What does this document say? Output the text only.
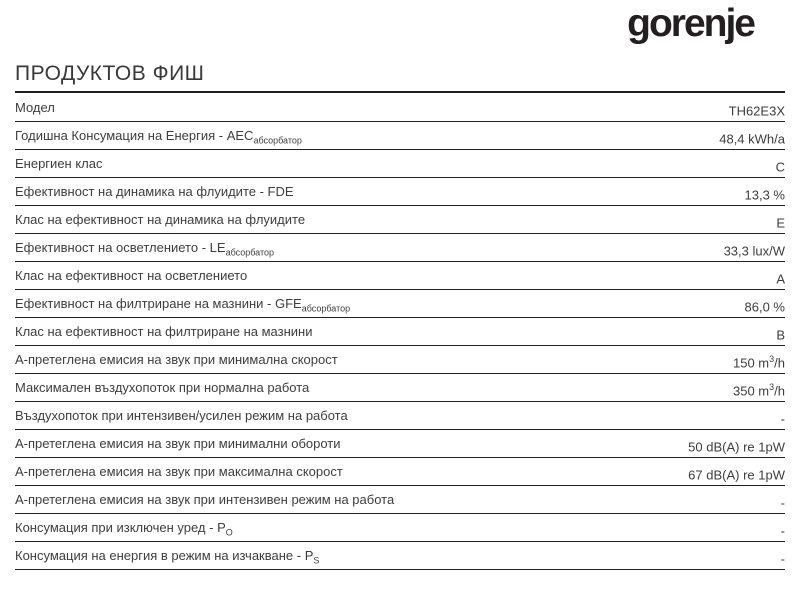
gorenje
ПРОДУКТОВ ФИШ
Модел	TH62E3X
Годишна Консумация на Енергия - $AEC_{абсорбатор}$	48,4 kWh/a
Енергиен клас	C
Ефективност на динамика на флуидите - FDE	13,3 %
Клас на ефективност на динамика на флуидите	E
Ефективност на осветлението - $LE_{абсорбатор}$	33,3 lux/W
Клас на ефективност на осветлението	A
Ефективност на филтриране на мазнини - $GFE_{абсорбатор}$	86,0 %
Клас на ефективност на филтриране на мазнини	B
А-претеглена емисия на звук при минимална скорост	150 $m^3/h$
Максимален въздухопоток при нормална работа	350 $m^3/h$
Въздухопоток при интензивен/усилен режим на работа	-
А-претеглена емисия на звук при минимални обороти	50 dB(A) re 1pW
А-претеглена емисия на звук при максимална скорост	67 dB(A) re 1pW
А-претеглена емисия на звук при интензивен режим на работа	-
Консумация при изключен уред - $P_O$	-
Консумация на енергия в режим на изчакване - $P_S$	-
